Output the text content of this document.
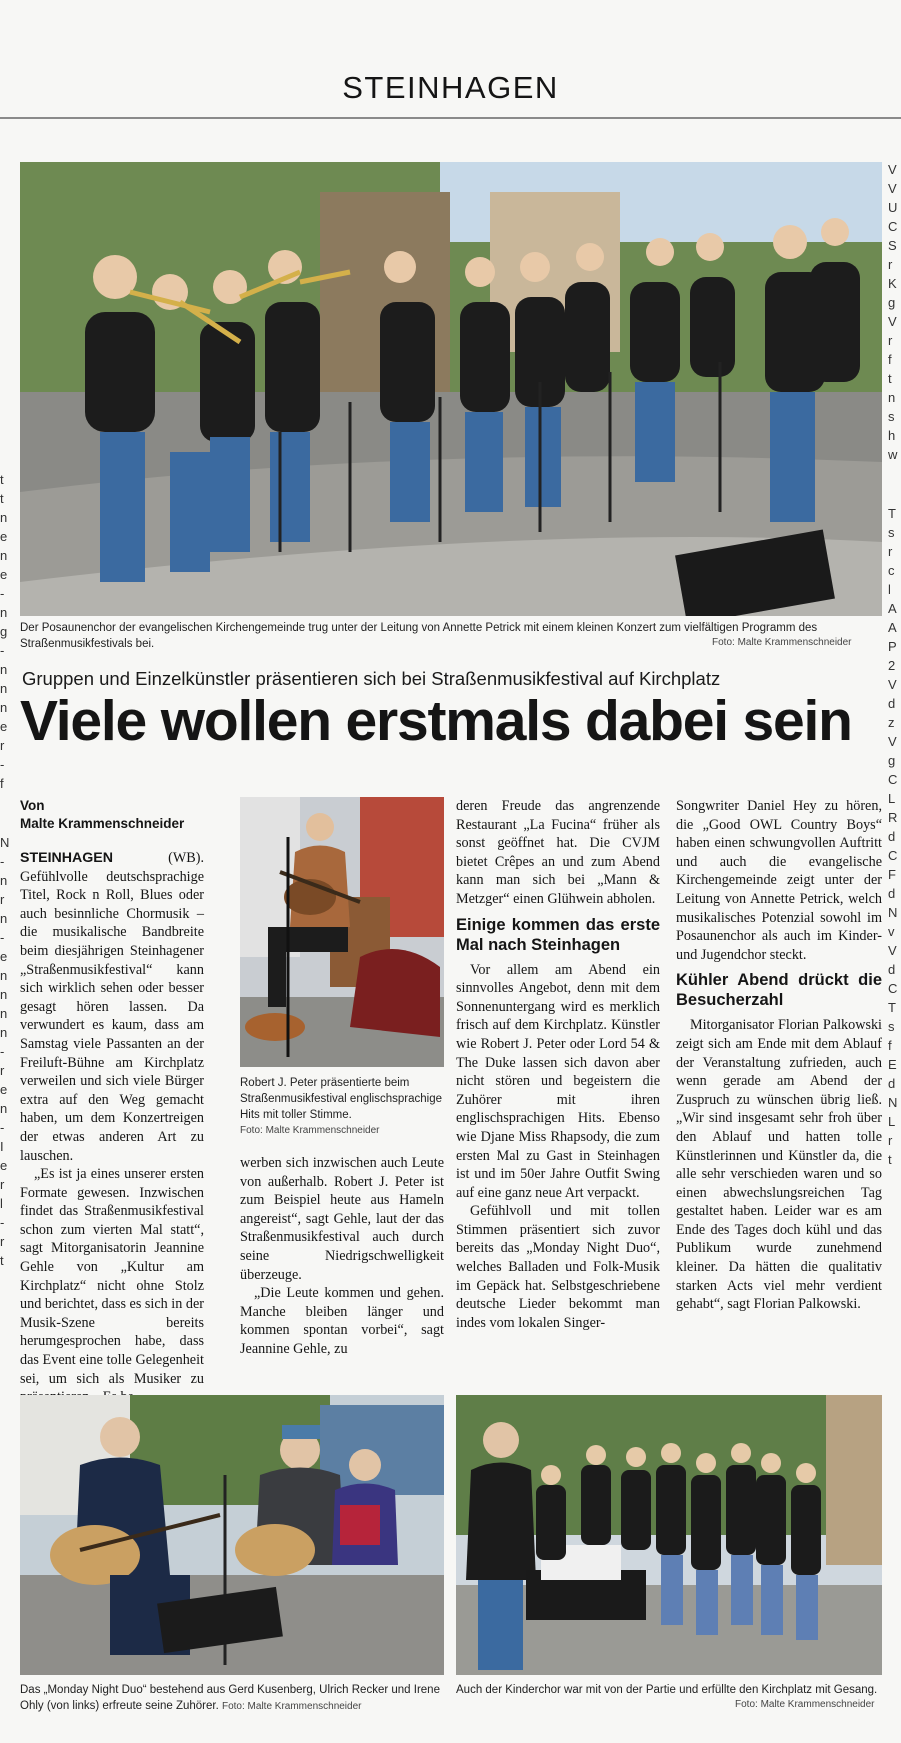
STEINHAGEN
t
t
n
e
n
e
-
n
g
-
n
n
n
e
r
-
f
N
-
n
r
n
-
e
n
n
n
n
-
r
e
n
-
I
e
r
l
-
r
t
V
V
U
C
S
r
K
g
V
r
f
t
n
s
h
w
T
s
r
c
l
A
A
P
2
V
d
z
V
g
C
L
R
d
C
F
d
N
v
V
d
C
T
s
f
E
d
N
L
r
t
Der Posaunenchor der evangelischen Kirchengemeinde trug unter der Leitung von Annette Petrick mit einem kleinen Konzert zum vielfältigen Programm des Straßenmusikfestivals bei.	Foto: Malte Krammenschneider
Gruppen und Einzelkünstler präsentieren sich bei Straßenmusikfestival auf Kirchplatz
Viele wollen erstmals dabei sein
Von
Malte Krammenschneider

STEINHAGEN (WB). Gefühlvolle deutschsprachige Titel, Rock n Roll, Blues oder auch besinnliche Chormusik – die musikalische Bandbreite beim diesjährigen Steinhagener „Straßenmusikfestival“ kann sich wirklich sehen oder besser gesagt hören lassen. Da verwundert es kaum, dass am Samstag viele Passanten an der Freiluft-Bühne am Kirchplatz verweilen und sich viele Bürger extra auf den Weg gemacht haben, um dem Konzertreigen der etwas anderen Art zu lauschen.

„Es ist ja eines unserer ersten Formate gewesen. Inzwischen findet das Straßenmusikfestival schon zum vierten Mal statt“, sagt Mitorganisatorin Jeannine Gehle von „Kultur am Kirchplatz“ nicht ohne Stolz und berichtet, dass es sich in der Musik-Szene bereits herumgesprochen habe, dass das Event eine tolle Gelegenheit sei, um sich als Musiker zu

Robert J. Peter präsentierte beim Straßenmusikfestival englischsprachige Hits mit toller Stimme.
Foto: Malte Krammenschneider

werben sich inzwischen auch Leute von außerhalb. Robert J. Peter ist zum Beispiel heute aus Hameln angereist“, sagt Gehle, laut der das Straßenmusikfestival auch durch seine Niedrigschwelligkeit überzeuge.

„Die Leute kommen und gehen. Manche bleiben länger und kommen spontan vorbei“, sagt Jeannine Gehle, zu

deren Freude das angrenzende Restaurant „La Fucina“ früher als sonst geöffnet hat. Die CVJM bietet Crêpes an und zum Abend kann man sich bei „Mann & Metzger“ einen Glühwein abholen.

Einige kommen das erste Mal nach Steinhagen

Vor allem am Abend ein sinnvolles Angebot, denn mit dem Sonnenuntergang wird es merklich frisch auf dem Kirchplatz. Künstler wie Robert J. Peter oder Lord 54 & The Duke lassen sich davon aber nicht stören und begeistern die Zuhörer mit ihren englischsprachigen Hits. Ebenso wie Djane Miss Rhapsody, die zum ersten Mal zu Gast in Steinhagen ist und im 50er Jahre Outfit Swing auf eine ganz neue Art verpackt.

Gefühlvoll und mit tollen Stimmen präsentiert sich zuvor bereits das „Monday Night Duo“, welches Balladen und Folk-Musik im Gepäck hat. Selbstgeschriebene deutsche Lieder bekommt man indes vom lokalen Singer-

Songwriter Daniel Hey zu hören, die „Good OWL Country Boys“ haben einen schwungvollen Auftritt und auch die evangelische Kirchengemeinde zeigt unter der Leitung von Annette Petrick, welch musikalisches Potenzial sowohl im Posaunenchor als auch im Kinder- und Jugendchor steckt.

Kühler Abend drückt die Besucherzahl

Mitorganisator Florian Palkowski zeigt sich am Ende mit dem Ablauf der Veranstaltung zufrieden, auch wenn gerade am Abend der Zuspruch zu wünschen übrig ließ. „Wir sind insgesamt sehr froh über den Ablauf und hatten tolle Künstlerinnen und Künstler da, die alle sehr verschieden waren und so einen abwechslungsreichen Tag gestaltet haben. Leider war es am Ende des Tages doch kühl und das Publikum wurde zunehmend kleiner. Da hätten die qualitativ starken Acts viel mehr verdient gehabt“, sagt Florian Palkowski.

Das „Monday Night Duo“ bestehend aus Gerd Kusenberg, Ulrich Recker und Irene Ohly (von links) erfreute seine Zuhörer. Foto: Malte Krammenschneider
Auch der Kinderchor war mit von der Partie und erfüllte den Kirchplatz mit Gesang.
Foto: Malte Krammenschneider
